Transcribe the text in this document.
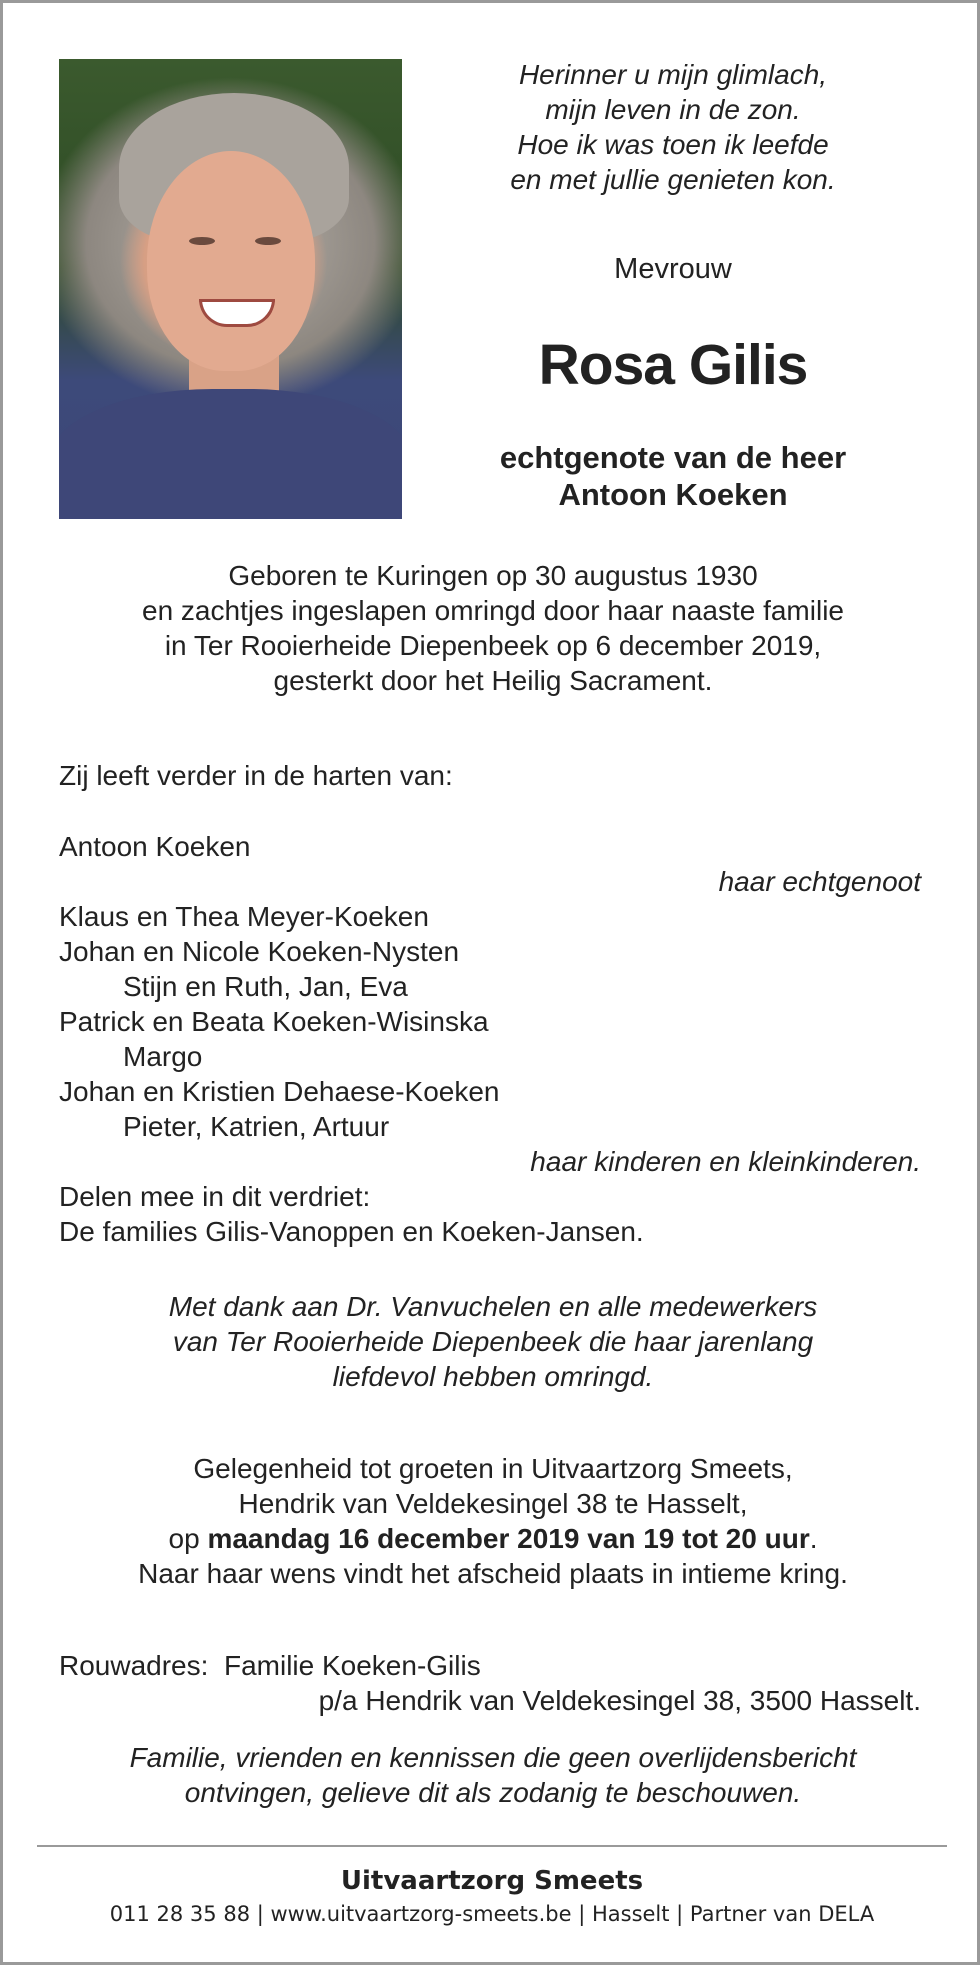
Herinner u mijn glimlach,
mijn leven in de zon.
Hoe ik was toen ik leefde
en met jullie genieten kon.
Mevrouw
Rosa Gilis
echtgenote van de heer
Antoon Koeken
Geboren te Kuringen op 30 augustus 1930
en zachtjes ingeslapen omringd door haar naaste familie
in Ter Rooierheide Diepenbeek op 6 december 2019,
gesterkt door het Heilig Sacrament.
Zij leeft verder in de harten van:
Antoon Koeken
haar echtgenoot
Klaus en Thea Meyer-Koeken
Johan en Nicole Koeken-Nysten
Stijn en Ruth, Jan, Eva
Patrick en Beata Koeken-Wisinska
Margo
Johan en Kristien Dehaese-Koeken
Pieter, Katrien, Artuur
haar kinderen en kleinkinderen.
Delen mee in dit verdriet:
De families Gilis-Vanoppen en Koeken-Jansen.
Met dank aan Dr. Vanvuchelen en alle medewerkers
van Ter Rooierheide Diepenbeek die haar jarenlang
liefdevol hebben omringd.
Gelegenheid tot groeten in Uitvaartzorg Smeets,
Hendrik van Veldekesingel 38 te Hasselt,
op maandag 16 december 2019 van 19 tot 20 uur.
Naar haar wens vindt het afscheid plaats in intieme kring.
Rouwadres: Familie Koeken-Gilis
p/a Hendrik van Veldekesingel 38, 3500 Hasselt.
Familie, vrienden en kennissen die geen overlijdensbericht
ontvingen, gelieve dit als zodanig te beschouwen.
Uitvaartzorg Smeets
011 28 35 88 | www.uitvaartzorg-smeets.be | Hasselt | Partner van DELA
